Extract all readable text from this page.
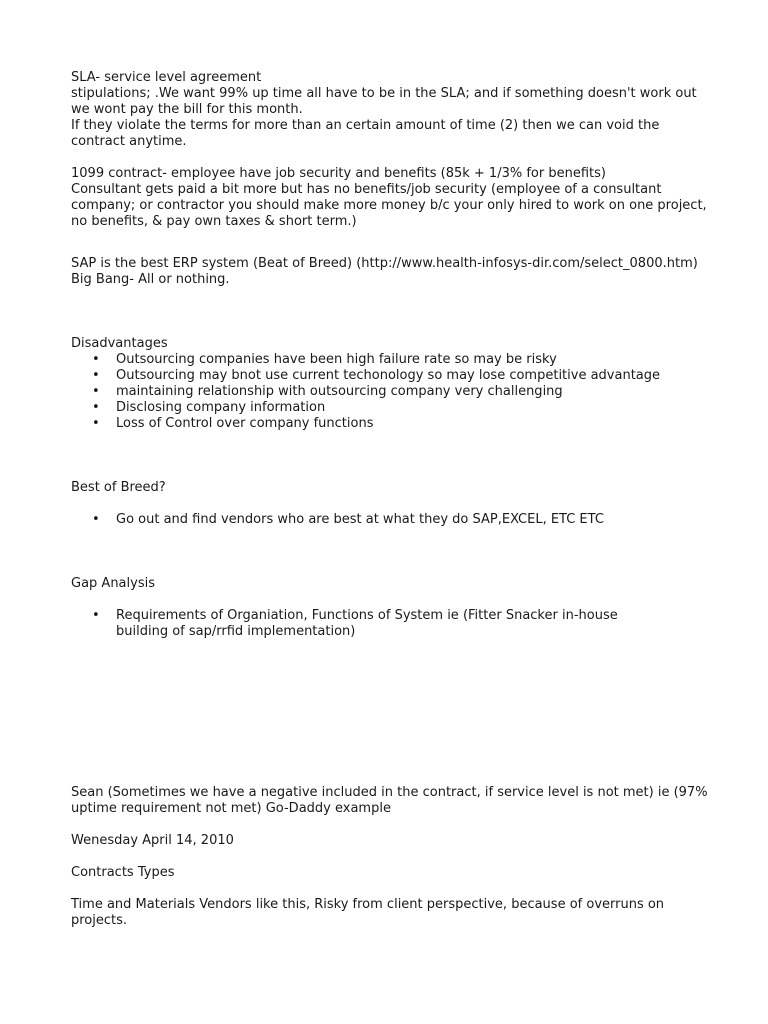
SLA- service level agreement
stipulations; .We want 99% up time all have to be in the SLA; and if something doesn't work out
we wont pay the bill for this month.
If they violate the terms for more than an certain amount of time (2) then we can void the
contract anytime.
1099 contract- employee have job security and benefits (85k + 1/3% for benefits)
Consultant gets paid a bit more but has no benefits/job security (employee of a consultant
company; or contractor you should make more money b/c your only hired to work on one project,
no benefits, & pay own taxes & short term.)
SAP is the best ERP system (Beat of Breed) (http://www.health-infosys-dir.com/select_0800.htm)
Big Bang- All or nothing.
Disadvantages
• Outsourcing companies have been high failure rate so may be risky
• Outsourcing may bnot use current techonology so may lose competitive advantage
• maintaining relationship with outsourcing company very challenging
• Disclosing company information
• Loss of Control over company functions
Best of Breed?
• Go out and find vendors who are best at what they do SAP,EXCEL, ETC ETC
Gap Analysis
• Requirements of Organiation, Functions of System ie (Fitter Snacker in-house building of sap/rrfid implementation)
Sean (Sometimes we have a negative included in the contract, if service level is not met) ie (97%
uptime requirement not met) Go-Daddy example
Wenesday April 14, 2010
Contracts Types
Time and Materials Vendors like this, Risky from client perspective, because of overruns on
projects.
